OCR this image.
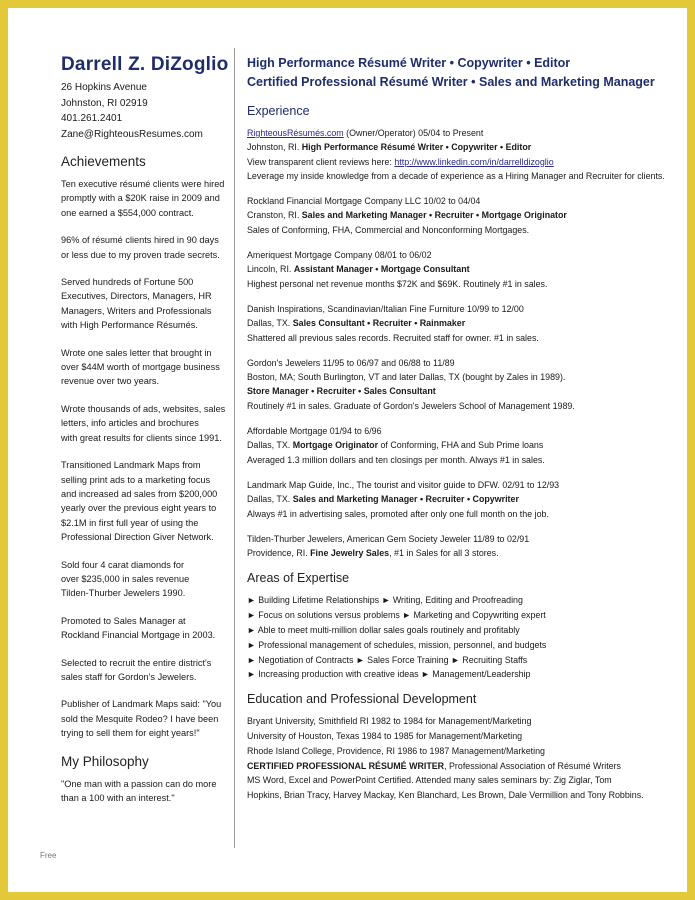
Darrell Z. DiZoglio
26 Hopkins Avenue
Johnston, RI 02919
401.261.2401
Zane@RighteousResumes.com
Achievements
Ten executive résumé clients were hired
promptly with a $20K raise in 2009 and
one earned a $554,000 contract.
96% of résumé clients hired in 90 days
or less due to my proven trade secrets.
Served hundreds of Fortune 500
Executives, Directors, Managers, HR
Managers, Writers and Professionals
with High Performance Résumés.
Wrote one sales letter that brought in
over $44M worth of mortgage business
revenue over two years.
Wrote thousands of ads, websites, sales
letters, info articles and brochures
with great results for clients since 1991.
Transitioned Landmark Maps from
selling print ads to a marketing focus
and increased ad sales from $200,000
yearly over the previous eight years to
$2.1M in first full year of using the
Professional Direction Giver Network.
Sold four 4 carat diamonds for
over $235,000 in sales revenue
Tilden-Thurber Jewelers 1990.
Promoted to Sales Manager at
Rockland Financial Mortgage in 2003.
Selected to recruit the entire district's
sales staff for Gordon's Jewelers.
Publisher of Landmark Maps said: "You
sold the Mesquite Rodeo? I have been
trying to sell them for eight years!"
My Philosophy
"One man with a passion can do more
than a 100 with an interest."
High Performance Résumé Writer • Copywriter • Editor
Certified Professional Résumé Writer • Sales and Marketing Manager
Experience
RighteousRésumés.com (Owner/Operator) 05/04 to Present
Johnston, RI. High Performance Résumé Writer • Copywriter • Editor
View transparent client reviews here: http://www.linkedin.com/in/darrelldizoglio
Leverage my inside knowledge from a decade of experience as a Hiring Manager and Recruiter for clients.
Rockland Financial Mortgage Company LLC 10/02 to 04/04
Cranston, RI. Sales and Marketing Manager • Recruiter • Mortgage Originator
Sales of Conforming, FHA, Commercial and Nonconforming Mortgages.
Ameriquest Mortgage Company 08/01 to 06/02
Lincoln, RI. Assistant Manager • Mortgage Consultant
Highest personal net revenue months $72K and $69K. Routinely #1 in sales.
Danish Inspirations, Scandinavian/Italian Fine Furniture 10/99 to 12/00
Dallas, TX. Sales Consultant • Recruiter • Rainmaker
Shattered all previous sales records. Recruited staff for owner. #1 in sales.
Gordon's Jewelers 11/95 to 06/97 and 06/88 to 11/89
Boston, MA; South Burlington, VT and later Dallas, TX (bought by Zales in 1989).
Store Manager • Recruiter • Sales Consultant
Routinely #1 in sales. Graduate of Gordon's Jewelers School of Management 1989.
Affordable Mortgage 01/94 to 6/96
Dallas, TX. Mortgage Originator of Conforming, FHA and Sub Prime loans
Averaged 1.3 million dollars and ten closings per month. Always #1 in sales.
Landmark Map Guide, Inc., The tourist and visitor guide to DFW. 02/91 to 12/93
Dallas, TX. Sales and Marketing Manager • Recruiter • Copywriter
Always #1 in advertising sales, promoted after only one full month on the job.
Tilden-Thurber Jewelers, American Gem Society Jeweler 11/89 to 02/91
Providence, RI. Fine Jewelry Sales, #1 in Sales for all 3 stores.
Areas of Expertise
► Building Lifetime Relationships ► Writing, Editing and Proofreading
► Focus on solutions versus problems ► Marketing and Copywriting expert
► Able to meet multi-million dollar sales goals routinely and profitably
► Professional management of schedules, mission, personnel, and budgets
► Negotiation of Contracts ► Sales Force Training ► Recruiting Staffs
► Increasing production with creative ideas ► Management/Leadership
Education and Professional Development
Bryant University, Smithfield RI 1982 to 1984 for Management/Marketing
University of Houston, Texas 1984 to 1985 for Management/Marketing
Rhode Island College, Providence, RI 1986 to 1987 Management/Marketing
CERTIFIED PROFESSIONAL RÉSUMÉ WRITER, Professional Association of Résumé Writers
MS Word, Excel and PowerPoint Certified. Attended many sales seminars by: Zig Ziglar, Tom
Hopkins, Brian Tracy, Harvey Mackay, Ken Blanchard, Les Brown, Dale Vermillion and Tony Robbins.
Free
